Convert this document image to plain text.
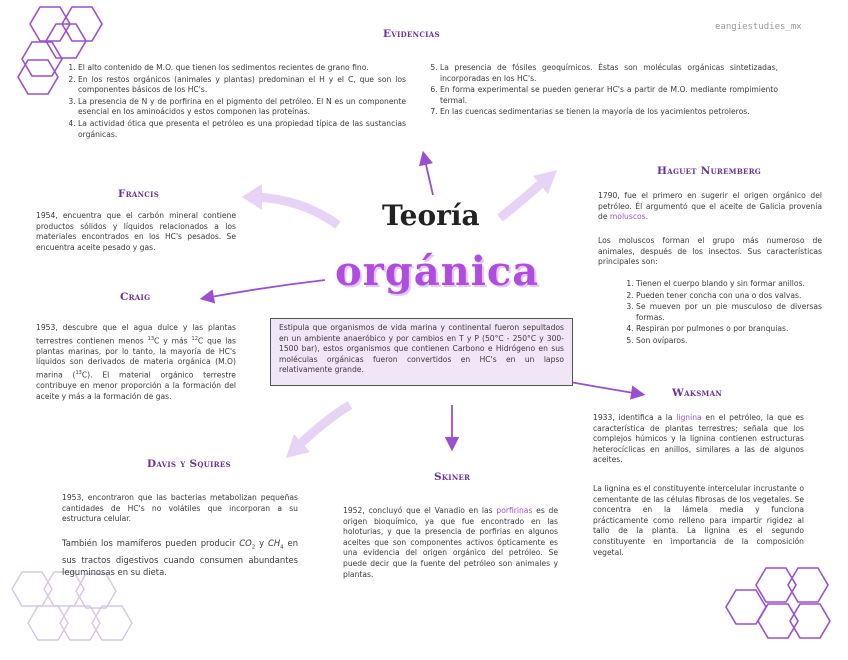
eangiestudies_mx
Evidencias
1. El alto contenido de M.O. que tienen los sedimentos recientes de grano fino.
2. En los restos orgánicos (animales y plantas) predominan el H y el C, que son los componentes básicos de los HC's.
3. La presencia de N y de porfirina en el pigmento del petróleo. El N es un componente esencial en los aminoácidos y estos componen las proteínas.
4. La actividad ótica que presenta el petróleo es una propiedad típica de las sustancias orgánicas.
5. La presencia de fósiles geoquímicos. Éstas son moléculas orgánicas sintetizadas, incorporadas en los HC's.
6. En forma experimental se pueden generar HC's a partir de M.O. mediante rompimiento termal.
7. En las cuencas sedimentarias se tienen la mayoría de los yacimientos petroleros.
Teoría
orgánica
Estipula que organismos de vida marina y continental fueron sepultados en un ambiente anaeróbico y por cambios en T y P (50°C - 250°C y 300-1500 bar), estos organismos que contienen Carbono e Hidrógeno en sus moléculas orgánicas fueron convertidos en HC's en un lapso relativamente grande.
Francis
1954, encuentra que el carbón mineral contiene productos sólidos y líquidos relacionados a los materiales encontrados en los HC's pesados. Se encuentra aceite pesado y gas.
Craig
1953, descubre que el agua dulce y las plantas terrestres contienen menos $^{13}$C y más $^{12}$C que las plantas marinas, por lo tanto, la mayoría de HC's líquidos son derivados de materia orgánica (M.O) marina ($^{13}$C). El material orgánico terrestre contribuye en menor proporción a la formación del aceite y más a la formación de gas.
Davis y Squires
1953, encontraron que las bacterias metabolizan pequeñas cantidades de HC's no volátiles que incorporan a su estructura celular.
También los mamíferos pueden producir $CO_2$ y $CH_4$ en sus tractos digestivos cuando consumen abundantes leguminosas en su dieta.
Skiner
1952, concluyó que el Vanadio en las porfirinas es de origen bioquímico, ya que fue encontrado en las holoturias, y que la presencia de porfirias en algunos aceites que son componentes activos ópticamente es una evidencia del origen orgánico del petróleo. Se puede decir que la fuente del petróleo son animales y plantas.
Haguet Nuremberg
1790, fue el primero en sugerir el origen orgánico del petróleo. Él argumentó que el aceite de Galicia provenía de moluscos.
Los moluscos forman el grupo más numeroso de animales, después de los insectos. Sus características principales son:
1. Tienen el cuerpo blando y sin formar anillos.
2. Pueden tener concha con una o dos valvas.
3. Se mueven por un pie musculoso de diversas formas.
4. Respiran por pulmones o por branquias.
5. Son ovíparos.
Waksman
1933, identifica a la lignina en el petróleo, la que es característica de plantas terrestres; señala que los complejos húmicos y la lignina contienen estructuras heterocíclicas en anillos, similares a las de algunos aceites.
La lignina es el constituyente intercelular incrustante o cementante de las células fibrosas de los vegetales. Se concentra en la lámela media y funciona prácticamente como relleno para impartir rigidez al tallo de la planta. La lignina es el segundo constituyente en importancia de la composición vegetal.
